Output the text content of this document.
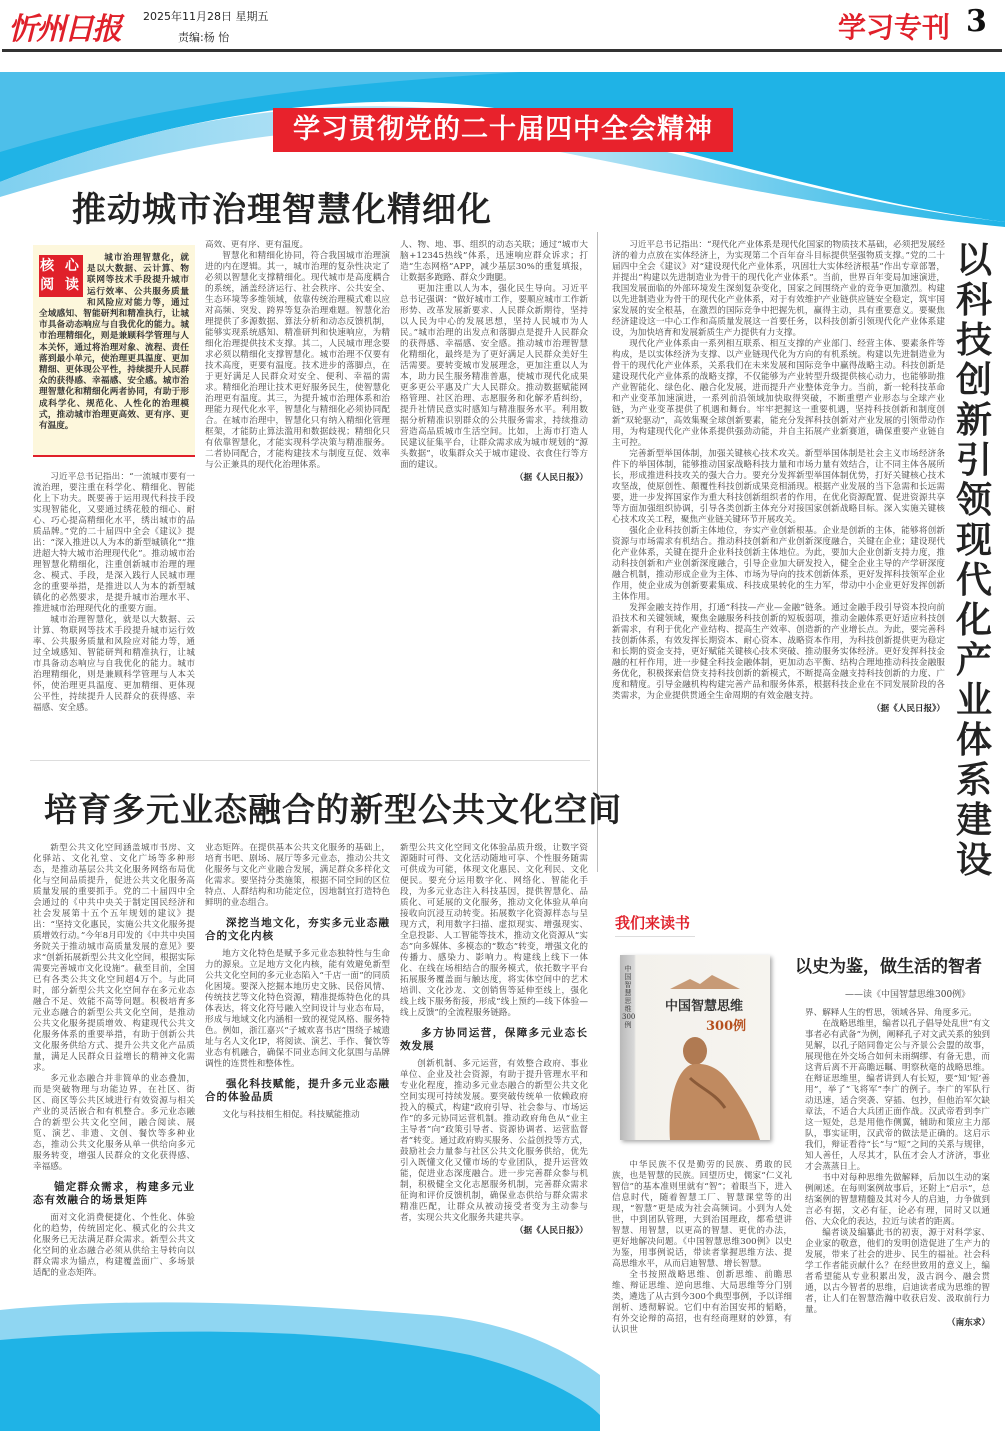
忻州日报 2025年11月28日 星期五
责编:杨 怡	学习专刊 3
学习贯彻党的二十届四中全会精神
推动城市治理智慧化精细化
核 心 阅 读
城市治理智慧化，就是以大数据、云计算、物联网等技术手段提升城市运行效率、公共服务质量和风险应对能力等，通过全域感知、智能研判和精准执行，让城市具备动态响应与自我优化的能力。城市治理精细化，则是兼顾科学管理与人本关怀，通过将治理对象、流程、责任落到最小单元，使治理更具温度、更加精细、更体现公平性，持续提升人民群众的获得感、幸福感、安全感。城市治理智慧化和精细化两者协同，有助于形成科学化、规范化、人性化的治理模式，推动城市治理更高效、更有序、更有温度。

习近平总书记指出：“一流城市要有一流治理，要注重在科学化、精细化、智能化上下功夫。既要善于运用现代科技手段实现智能化，又要通过绣花般的细心、耐心、巧心提高精细化水平，绣出城市的品质品牌。”党的二十届四中全会《建议》提出：“深入推进以人为本的新型城镇化”“推进超大特大城市治理现代化”。推动城市治理智慧化精细化，注重创新城市治理的理念、模式、手段，是深入践行人民城市理念的重要举措，是推进以人为本的新型城镇化的必然要求，是提升城市治理水平、推进城市治理现代化的重要方面。

城市治理智慧化，就是以大数据、云计算、物联网等技术手段提升城市运行效率、公共服务质量和风险应对能力等，通过全域感知、智能研判和精准执行，让城市具备动态响应与自我优化的能力。城市治理精细化，则是兼顾科学管理与人本关怀，使治理更具温度、更加精细、更体现公平性，持续提升人民群众的获得感、幸福感、安全感。

高效、更有序、更有温度。

智慧化和精细化协同，符合我国城市治理演进的内在逻辑。其一，城市治理的复杂性决定了必须以智慧化支撑精细化。现代城市是高度耦合的系统，涵盖经济运行、社会秩序、公共安全、生态环境等多维领域，依靠传统治理模式难以应对高频、突发、跨界等复杂治理难题。智慧化治理提供了多源数据、算法分析和动态反馈机制，能够实现系统感知、精准研判和快速响应，为精细化治理提供技术支撑。其二，人民城市理念要求必须以精细化支撑智慧化。城市治理不仅要有技术高度，更要有温度。技术进步的落脚点，在于更好满足人民群众对安全、便利、幸福的需求。精细化治理让技术更好服务民生，使智慧化治理更有温度。其三，为提升城市治理体系和治理能力现代化水平，智慧化与精细化必须协同配合。在城市治理中，智慧化只有纳入精细化管理框架，才能防止算法滥用和数据歧视；精细化只有依靠智慧化，才能实现科学决策与精准服务。二者协同配合，才能构建技术与制度互促、效率与公正兼具的现代化治理体系。

人、物、地、事、组织的动态关联；通过“城市大脑+12345热线”体系，迅速响应群众诉求；打造“生态网格”APP，减少基层30%的重复填报，让数据多跑路、群众少跑腿。

更加注重以人为本，强化民生导向。习近平总书记强调：“做好城市工作，要顺应城市工作新形势、改革发展新要求、人民群众新期待，坚持以人民为中心的发展思想，坚持人民城市为人民。”城市治理的出发点和落脚点是提升人民群众的获得感、幸福感、安全感。推动城市治理智慧化精细化，最终是为了更好满足人民群众美好生活需要。要转变城市发展理念，更加注重以人为本，助力民生服务精准普惠，使城市现代化成果更多更公平惠及广大人民群众。推动数据赋能网格管理、社区治理、志愿服务和化解矛盾纠纷，提升社情民意实时感知与精准服务水平。利用数据分析精准识别群众的公共服务需求，持续推动营造高品质城市生活空间。比如，上海市打造人民建议征集平台，让群众需求成为城市规划的“源头数据”，收集群众关于城市建设、衣食住行等方面的建议。

（据《人民日报》）

习近平总书记指出：“现代化产业体系是现代化国家的物质技术基础，必须把发展经济的着力点放在实体经济上，为实现第二个百年奋斗目标提供坚强物质支撑。”党的二十届四中全会《建议》对“建设现代化产业体系，巩固壮大实体经济根基”作出专章部署，并提出“构建以先进制造业为骨干的现代化产业体系”。当前，世界百年变局加速演进，我国发展面临的外部环境发生深刻复杂变化，国家之间围绕产业的竞争更加激烈。构建以先进制造业为骨干的现代化产业体系，对于有效维护产业链供应链安全稳定，筑牢国家发展的安全根基，在激烈的国际竞争中把握先机，赢得主动，具有重要意义。要聚焦经济建设这一中心工作和高质量发展这一首要任务，以科技创新引领现代化产业体系建设，为加快培育和发展新质生产力提供有力支撑。

现代化产业体系由一系列相互联系、相互支撑的产业部门、经营主体、要素条件等构成，是以实体经济为支撑、以产业链现代化为方向的有机系统。构建以先进制造业为骨干的现代化产业体系，关系我们在未来发展和国际竞争中赢得战略主动。科技创新是建设现代化产业体系的战略支撑，不仅能够为产业转型升级提供核心动力，也能够助推产业智能化、绿色化、融合化发展，进而提升产业整体竞争力。当前，新一轮科技革命和产业变革加速演进，一系列前沿领域加快取得突破，不断重塑产业形态与全球产业链，为产业变革提供了机遇和舞台。牢牢把握这一重要机遇，坚持科技创新和制度创新“双轮驱动”，高效集聚全球创新要素，能充分发挥科技创新对产业发展的引领带动作用，为构建现代化产业体系提供强劲动能，并自主拓展产业新赛道，确保重要产业链自主可控。

完善新型举国体制，加强关键核心技术攻关。新型举国体制是社会主义市场经济条件下的举国体制，能够推动国家战略科技力量和市场力量有效结合，让不同主体各展所长，形成推进科技攻关的强大合力。要充分发挥新型举国体制优势，打好关键核心技术攻坚战，使原创性、颠覆性科技创新成果竞相涌现。根据产业发展的当下急需和长远需要，进一步发挥国家作为重大科技创新组织者的作用，在优化资源配置、促进资源共享等方面加强组织协调，引导各类创新主体充分对接国家创新战略目标。深入实施关键核心技术攻关工程，聚焦产业链关键环节开展攻关。

强化企业科技创新主体地位，夯实产业创新根基。企业是创新的主体，能够将创新资源与市场需求有机结合。推动科技创新和产业创新深度融合，关键在企业；建设现代化产业体系，关键在提升企业科技创新主体地位。为此，要加大企业创新支持力度，推动科技创新和产业创新深度融合，引导企业加大研发投入，健全企业主导的产学研深度融合机制，推动形成企业为主体、市场为导向的技术创新体系，更好发挥科技领军企业作用，使企业成为创新要素集成、科技成果转化的生力军，带动中小企业更好发挥创新主体作用。

发挥金融支持作用，打通“科技—产业—金融”链条。通过金融手段引导资本投向前沿技术和关键领域，聚焦金融服务科技创新的短板弱项，推动金融体系更好适应科技创新需求，有利于优化产业结构、提高生产效率、创造新的产业增长点。为此，要完善科技创新体系，有效发挥长期资本、耐心资本、战略资本作用，为科技创新提供更为稳定和长期的资金支持，更好赋能关键核心技术突破、推动服务实体经济。更好发挥科技金融的杠杆作用，进一步健全科技金融体制，更加动态平衡、结构合理地推动科技金融服务优化，积极探索信贷支持科技创新的新模式，不断提高金融支持科技创新的力度、广度和精度。引导金融机构构建完善产品和服务体系，根据科技企业在不同发展阶段的各类需求，为企业提供贯通全生命周期的有效金融支持。

（据《人民日报》）

以科技创新引领现代化产业体系建设
培育多元业态融合的新型公共文化空间

新型公共文化空间涵盖城市书房、文化驿站、文化礼堂、文化广场等多种形态，是推动基层公共文化服务网络布局优化与空间品质提升，促进公共文化服务高质量发展的重要抓手。党的二十届四中全会通过的《中共中央关于制定国民经济和社会发展第十五个五年规划的建议》提出：“坚持文化惠民，实施公共文化服务提质增效行动。”今年8月印发的《中共中央国务院关于推动城市高质量发展的意见》要求“创新拓展新型公共文化空间，根据实际需要完善城市文化设施”。截至目前，全国已有各类公共文化空间超4万个。与此同时，部分新型公共文化空间存在多元业态融合不足、效能不高等问题。积极培育多元业态融合的新型公共文化空间，是推动公共文化服务提质增效、构建现代公共文化服务体系的重要举措，有助于创新公共文化服务供给方式、提升公共文化产品质量，满足人民群众日益增长的精神文化需求。

多元业态融合并非简单的业态叠加，而是突破物理与功能边界，在社区、街区、商区等公共区域进行有效资源与相关产业的灵活嵌合和有机整合。多元业态融合的新型公共文化空间，融合阅读、展览、演艺、非遗、文创、餐饮等多种业态，推动公共文化服务从单一供给向多元服务转变，增强人民群众的文化获得感、幸福感。

锚定群众需求，构建多元业态有效融合的场景矩阵

面对文化消费便捷化、个性化、体验化的趋势，传统固定化、模式化的公共文化服务已无法满足群众需求。新型公共文化空间的业态融合必须从供给主导转向以群众需求为锚点，构建覆盖面广、多场景适配的业态矩阵。

业态矩阵。在提供基本公共文化服务的基础上，培育书吧、剧场、展厅等多元业态，推动公共文化服务与文化产业融合发展，满足群众多样化文化需求。要坚持分类施策，根据不同空间的区位特点、人群结构和功能定位，因地制宜打造特色鲜明的业态组合。

深挖当地文化，夯实多元业态融合的文化内核

地方文化特色是赋予多元业态独特性与生命力的源泉。立足地方文化内核，能有效避免新型公共文化空间的多元业态陷入“千店一面”的同质化困境。要深入挖掘本地历史文脉、民俗风情、传统技艺等文化特色资源，精准提炼特色化的具体表达，将文化符号融入空间设计与业态布局，形成与地域文化内涵相一致的视觉风格、服务特色。例如，浙江嘉兴“子城欢喜书店”围绕子城遗址与名人文化IP，将阅读、演艺、手作、餐饮等业态有机融合，确保不同业态间文化氛围与品牌调性的连贯性和整体性。

强化科技赋能，提升多元业态融合的体验品质

文化与科技相生相促。科技赋能推动

新型公共文化空间文化体验品质升级，让数字资源随时可得、文化活动随地可享、个性服务随需可供成为可能，体现文化惠民、文化利民、文化便民。要充分运用数字化、网络化、智能化手段，为多元业态注入科技基因，提供智慧化、品质化、可延展的文化服务，推动文化体验从单向接收向沉浸互动转变。拓展数字化资源样态与呈现方式，利用数字扫描、虚拟现实、增强现实、全息投影、人工智能等技术，推动文化资源从“实态”向多媒体、多模态的“数态”转变，增强文化的传播力、感染力、影响力。构建线上线下一体化、在线在场相结合的服务模式，依托数字平台拓展服务覆盖面与触达度，将实体空间中的艺术培训、文化沙龙、文创销售等延伸至线上，强化线上线下服务衔接，形成“线上预约—线下体验—线上反馈”的全流程服务链路。

多方协同运营，保障多元业态长效发展

创新机制、多元运营，有效整合政府、事业单位、企业及社会资源，有助于提升管理水平和专业化程度，推动多元业态融合的新型公共文化空间实现可持续发展。要突破传统单一依赖政府投入的模式，构建“政府引导、社会参与、市场运作”的多元协同运营机制。推动政府角色从“业主主导者”向“政策引导者、资源协调者、运营监督者”转变。通过政府购买服务、公益创投等方式，鼓励社会力量参与社区公共文化服务供给，优先引入既懂文化又懂市场的专业团队，提升运营效能，促进业态深度融合。进一步完善群众参与机制，积极健全文化志愿服务机制，完善群众需求征询和评价反馈机制，确保业态供给与群众需求精准匹配，让群众从被动接受者变为主动参与者，实现公共文化服务共建共享。

（据《人民日报》）

我们来读书
中国智慧思维300例
中国智慧思维
300例
以史为鉴，做生活的智者
——读《中国智慧思维300例》

界、解释人生的哲思，领域各异、角度多元。

在战略思维里，编者以孔子倡导处乱世“有文事者必有武备”为例，阐释孔子对文武关系的独到见解，以孔子陪同鲁定公与齐景公会盟的故事，展现他在外交场合如何未雨绸缪、有备无患，而这背后离不开高瞻远瞩、明察秋毫的战略思维。在辩证思维里，编者讲到人有长短，要“知‘短’善用”，举了“飞将军”李广的例子。李广的军队行动迅速，适合突袭、穿插、包抄，但他治军欠缺章法，不适合大兵团正面作战。汉武帝看到李广这一短处，总是用他作侧翼，辅助和策应主力部队，事实证明，汉武帝的做法是正确的。这启示我们，辩证看待“长”与“短”之间的关系与规律，知人善任，人尽其才，队伍才会人才济济，事业才会蒸蒸日上。

书中对每种思维先做解释，后加以生动的案例阐述。在每则案例故事后，还附上“启示”，总结案例的智慧精髓及其对今人的启迪，力争做到言必有据，文必有征，论必有理，同时又以通俗、大众化的表达，拉近与读者的距离。

编者谈及编纂此书的初衷，源于对科学家、企业家的敬意，他们的发明创造促进了生产力的发展，带来了社会的进步、民生的福祉。社会科学工作者能贡献什么？在经世致用的意义上，编者希望能从专业积累出发，汲古润今、融会贯通，以古今智者的思维，启迪读者成为思维的智者，让人们在智慧浩瀚中收获启发、汲取前行力量。

（南东求）

中华民族不仅是勤劳的民族、勇敢的民族，也是智慧的民族。回望历史，儒家“仁义礼智信”的基本准则里就有“智”；着眼当下，进入信息时代，随着智慧工厂、智慧课堂等的出现，“智慧”更是成为社会高频词。小到为人处世，中到团队管理，大到治国理政，都希望讲智慧、用智慧，以更高的智慧、更优的办法，更好地解决问题。《中国智慧思维300例》以史为鉴，用事例说话，带读者掌握思维方法、提高思维水平，从而启迪智慧、增长智慧。

全书按照战略思维、创新思维、前瞻思维、辩证思维、逆向思维、大局思维等分门别类，遴选了从古到今300个典型事例，予以详细剖析、透彻解说。它们中有治国安邦的韬略，有外交论辩的高招，也有经商理财的妙算，有认识世
